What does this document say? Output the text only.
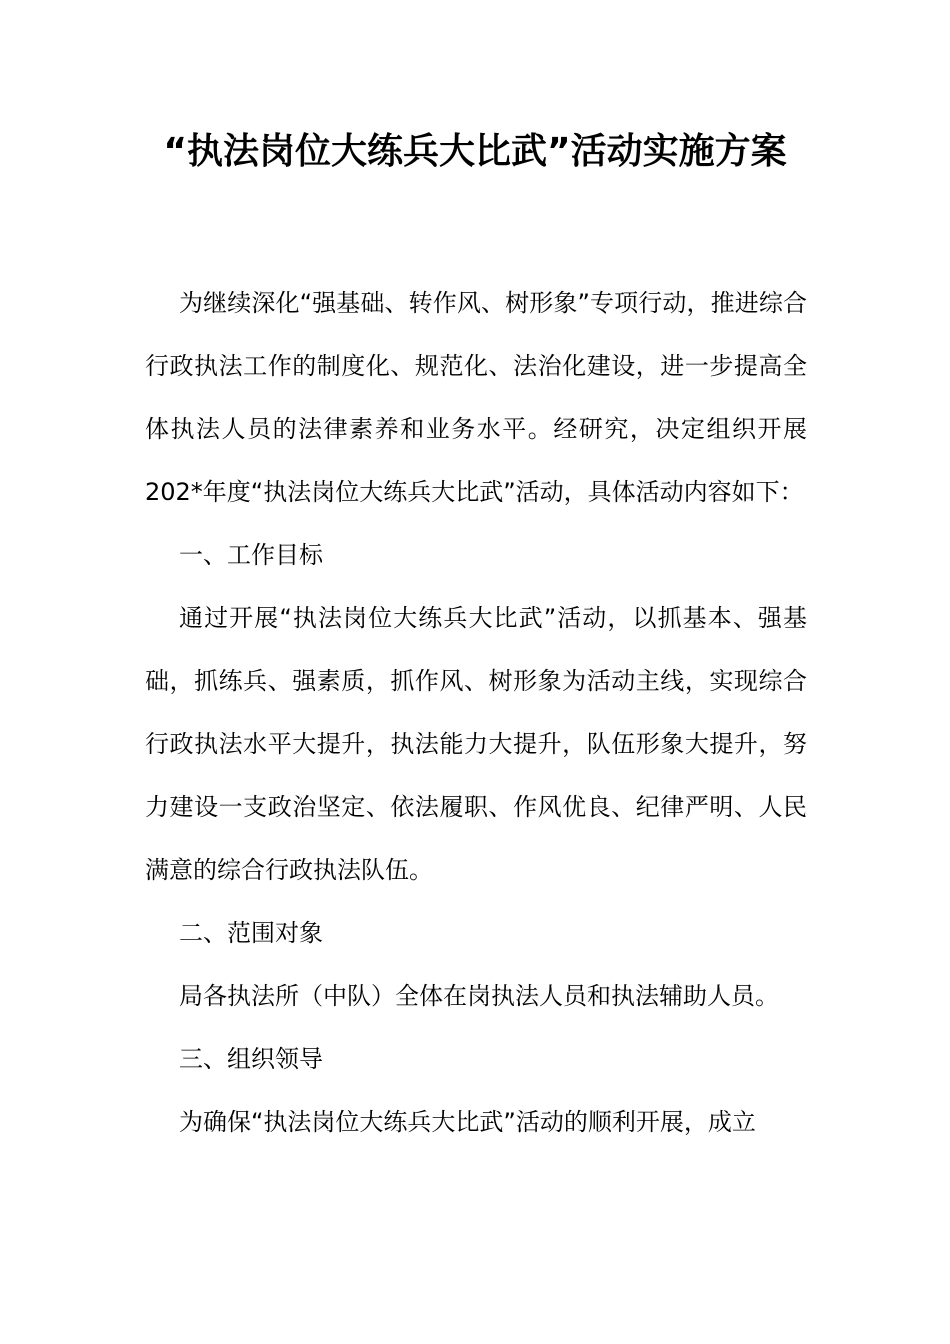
“执法岗位大练兵大比武”活动实施方案

为继续深化“强基础、转作风、树形象”专项行动，推进综合行政执法工作的制度化、规范化、法治化建设，进一步提高全体执法人员的法律素养和业务水平。经研究，决定组织开展202*年度“执法岗位大练兵大比武”活动，具体活动内容如下：

一、工作目标

通过开展“执法岗位大练兵大比武”活动，以抓基本、强基础，抓练兵、强素质，抓作风、树形象为活动主线，实现综合行政执法水平大提升，执法能力大提升，队伍形象大提升，努力建设一支政治坚定、依法履职、作风优良、纪律严明、人民满意的综合行政执法队伍。

二、范围对象

局各执法所（中队）全体在岗执法人员和执法辅助人员。

三、组织领导

为确保“执法岗位大练兵大比武”活动的顺利开展，成立
